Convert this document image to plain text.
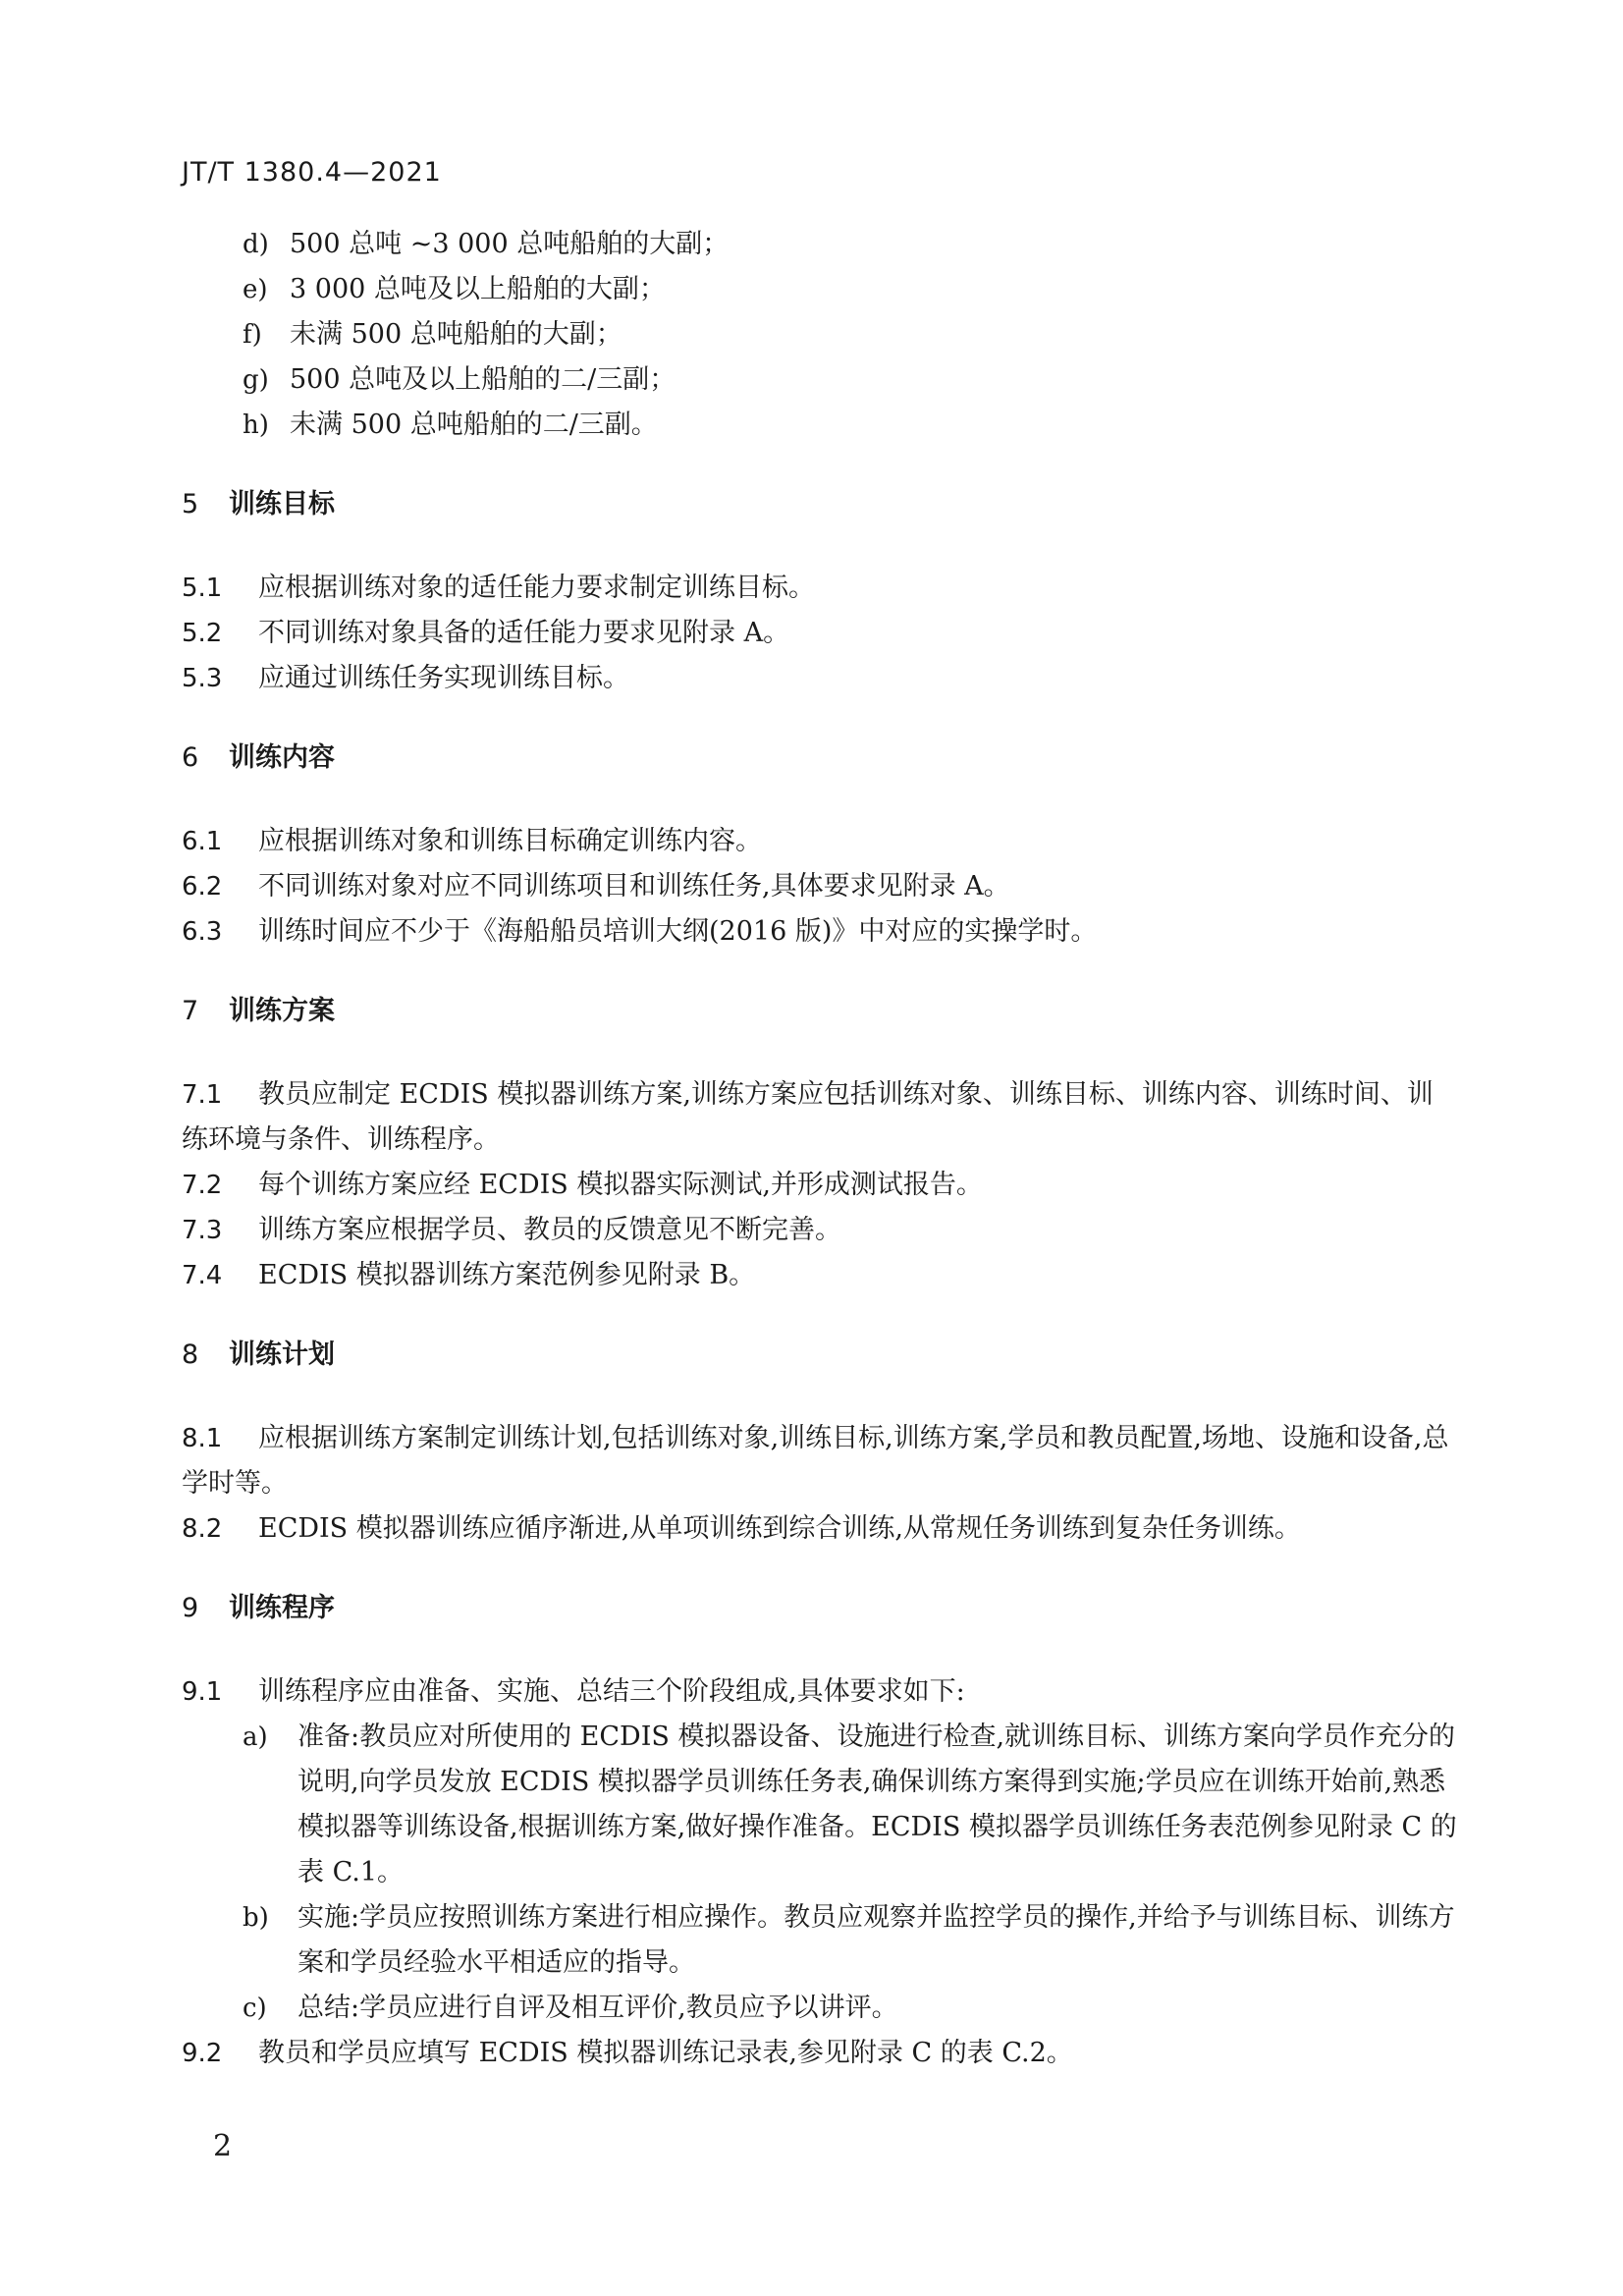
JT/T 1380.4—2021
d) 500 总吨 ~3 000 总吨船舶的大副；
e) 3 000 总吨及以上船舶的大副；
f) 未满 500 总吨船舶的大副；
g) 500 总吨及以上船舶的二/三副；
h) 未满 500 总吨船舶的二/三副。
5 训练目标
5.1 应根据训练对象的适任能力要求制定训练目标。
5.2 不同训练对象具备的适任能力要求见附录 A。
5.3 应通过训练任务实现训练目标。
6 训练内容
6.1 应根据训练对象和训练目标确定训练内容。
6.2 不同训练对象对应不同训练项目和训练任务,具体要求见附录 A。
6.3 训练时间应不少于《海船船员培训大纲(2016 版)》中对应的实操学时。
7 训练方案
7.1 教员应制定 ECDIS 模拟器训练方案,训练方案应包括训练对象、训练目标、训练内容、训练时间、训练环境与条件、训练程序。
7.2 每个训练方案应经 ECDIS 模拟器实际测试,并形成测试报告。
7.3 训练方案应根据学员、教员的反馈意见不断完善。
7.4 ECDIS 模拟器训练方案范例参见附录 B。
8 训练计划
8.1 应根据训练方案制定训练计划,包括训练对象,训练目标,训练方案,学员和教员配置,场地、设施和设备,总学时等。
8.2 ECDIS 模拟器训练应循序渐进,从单项训练到综合训练,从常规任务训练到复杂任务训练。
9 训练程序
9.1 训练程序应由准备、实施、总结三个阶段组成,具体要求如下:
a) 准备:教员应对所使用的 ECDIS 模拟器设备、设施进行检查,就训练目标、训练方案向学员作充分的说明,向学员发放 ECDIS 模拟器学员训练任务表,确保训练方案得到实施;学员应在训练开始前,熟悉模拟器等训练设备,根据训练方案,做好操作准备。ECDIS 模拟器学员训练任务表范例参见附录 C 的表 C.1。
b) 实施:学员应按照训练方案进行相应操作。教员应观察并监控学员的操作,并给予与训练目标、训练方案和学员经验水平相适应的指导。
c) 总结:学员应进行自评及相互评价,教员应予以讲评。
9.2 教员和学员应填写 ECDIS 模拟器训练记录表,参见附录 C 的表 C.2。
2
